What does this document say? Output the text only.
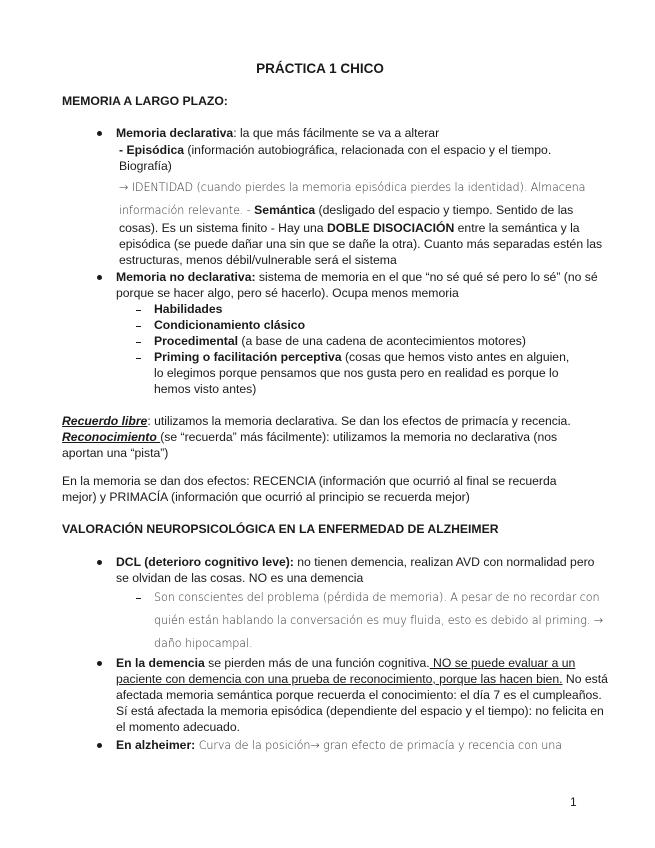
PRÁCTICA 1 CHICO
MEMORIA A LARGO PLAZO:
Memoria declarativa: la que más fácilmente se va a alterar
- Episódica (información autobiográfica, relacionada con el espacio y el tiempo.
Biografía)
→ IDENTIDAD (cuando pierdes la memoria episódica pierdes la identidad). Almacena
información relevante. - Semántica (desligado del espacio y tiempo. Sentido de las
cosas). Es un sistema finito - Hay una DOBLE DISOCIACIÓN entre la semántica y la
episódica (se puede dañar una sin que se dañe la otra). Cuanto más separadas estén las
estructuras, menos débil/vulnerable será el sistema
Memoria no declarativa: sistema de memoria en el que “no sé qué sé pero lo sé” (no sé
porque se hacer algo, pero sé hacerlo). Ocupa menos memoria
Habilidades
Condicionamiento clásico
Procedimental (a base de una cadena de acontecimientos motores)
Priming o facilitación perceptiva (cosas que hemos visto antes en alguien,
lo elegimos porque pensamos que nos gusta pero en realidad es porque lo
hemos visto antes)
Recuerdo libre: utilizamos la memoria declarativa. Se dan los efectos de primacía y recencia.
Reconocimiento (se “recuerda” más fácilmente): utilizamos la memoria no declarativa (nos
aportan una “pista”)
En la memoria se dan dos efectos: RECENCIA (información que ocurrió al final se recuerda
mejor) y PRIMACÍA (información que ocurrió al principio se recuerda mejor)
VALORACIÓN NEUROPSICOLÓGICA EN LA ENFERMEDAD DE ALZHEIMER
DCL (deterioro cognitivo leve): no tienen demencia, realizan AVD con normalidad pero
se olvidan de las cosas. NO es una demencia
Son conscientes del problema (pérdida de memoria). A pesar de no recordar con
quién están hablando la conversación es muy fluida, esto es debido al priming. →
daño hipocampal.
En la demencia se pierden más de una función cognitiva. NO se puede evaluar a un
paciente con demencia con una prueba de reconocimiento, porque las hacen bien. No está
afectada memoria semántica porque recuerda el conocimiento: el día 7 es el cumpleaños.
Sí está afectada la memoria episódica (dependiente del espacio y el tiempo): no felicita en
el momento adecuado.
En alzheimer: Curva de la posición→ gran efecto de primacía y recencia con una
1
